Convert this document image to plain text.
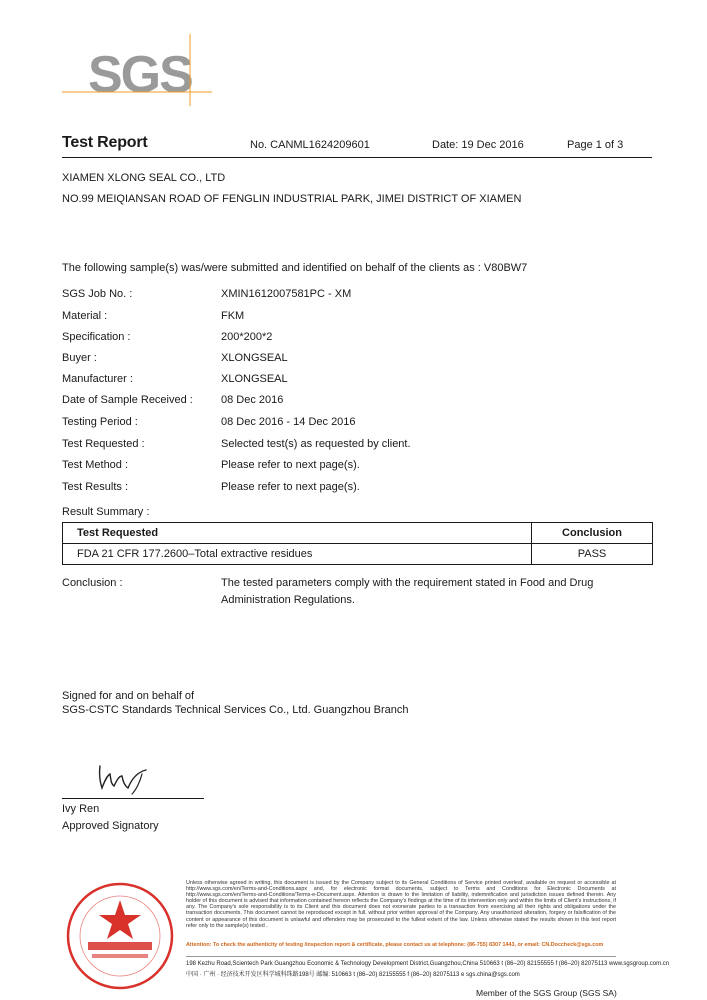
SGS
Test Report	No. CANML1624209601	Date: 19 Dec 2016	Page 1 of 3
XIAMEN XLONG SEAL CO., LTD
NO.99 MEIQIANSAN ROAD OF FENGLIN INDUSTRIAL PARK, JIMEI DISTRICT OF XIAMEN
The following sample(s) was/were submitted and identified on behalf of the clients as : V80BW7
SGS Job No. :	XMIN1612007581PC - XM
Material :	FKM
Specification :	200*200*2
Buyer :	XLONGSEAL
Manufacturer :	XLONGSEAL
Date of Sample Received :	08 Dec 2016
Testing Period :	08 Dec 2016 - 14 Dec 2016
Test Requested :	Selected test(s) as requested by client.
Test Method :	Please refer to next page(s).
Test Results :	Please refer to next page(s).
Result Summary :
Test Requested	Conclusion
FDA 21 CFR 177.2600–Total extractive residues	PASS
Conclusion :	The tested parameters comply with the requirement stated in Food and Drug
Administration Regulations.
Signed for and on behalf of
SGS-CSTC Standards Technical Services Co., Ltd. Guangzhou Branch
Ivy Ren
Approved Signatory
Unless otherwise agreed in writing, this document is issued by the Company subject to its General Conditions of Service printed overleaf, available on request or accessible at http://www.sgs.com/en/Terms-and-Conditions.aspx and, for electronic format documents, subject to Terms and Conditions for Electronic Documents at http://www.sgs.com/en/Terms-and-Conditions/Terms-e-Document.aspx. Attention is drawn to the limitation of liability, indemnification and jurisdiction issues defined therein. Any holder of this document is advised that information contained hereon reflects the Company's findings at the time of its intervention only and within the limits of Client's instructions, if any. The Company's sole responsibility is to its Client and this document does not exonerate parties to a transaction from exercising all their rights and obligations under the transaction documents. This document cannot be reproduced except in full, without prior written approval of the Company. Any unauthorized alteration, forgery or falsification of the content or appearance of this document is unlawful and offenders may be prosecuted to the fullest extent of the law. Unless otherwise stated the results shown in this test report refer only to the sample(s) tested .
Attention: To check the authenticity of testing /inspection report & certificate, please contact us at telephone: (86-755) 8307 1443, or email: CN.Doccheck@sgs.com
198 Kezhu Road,Scientech Park Guangzhou Economic & Technology Development District,Guangzhou,China 510663 t (86–20) 82155555 f (86–20) 82075113 www.sgsgroup.com.cn
中国 · 广州 · 经济技术开发区科学城科珠路198号 邮编: 510663 t (86–20) 82155555 f (86–20) 82075113 e sgs.china@sgs.com
Member of the SGS Group (SGS SA)
